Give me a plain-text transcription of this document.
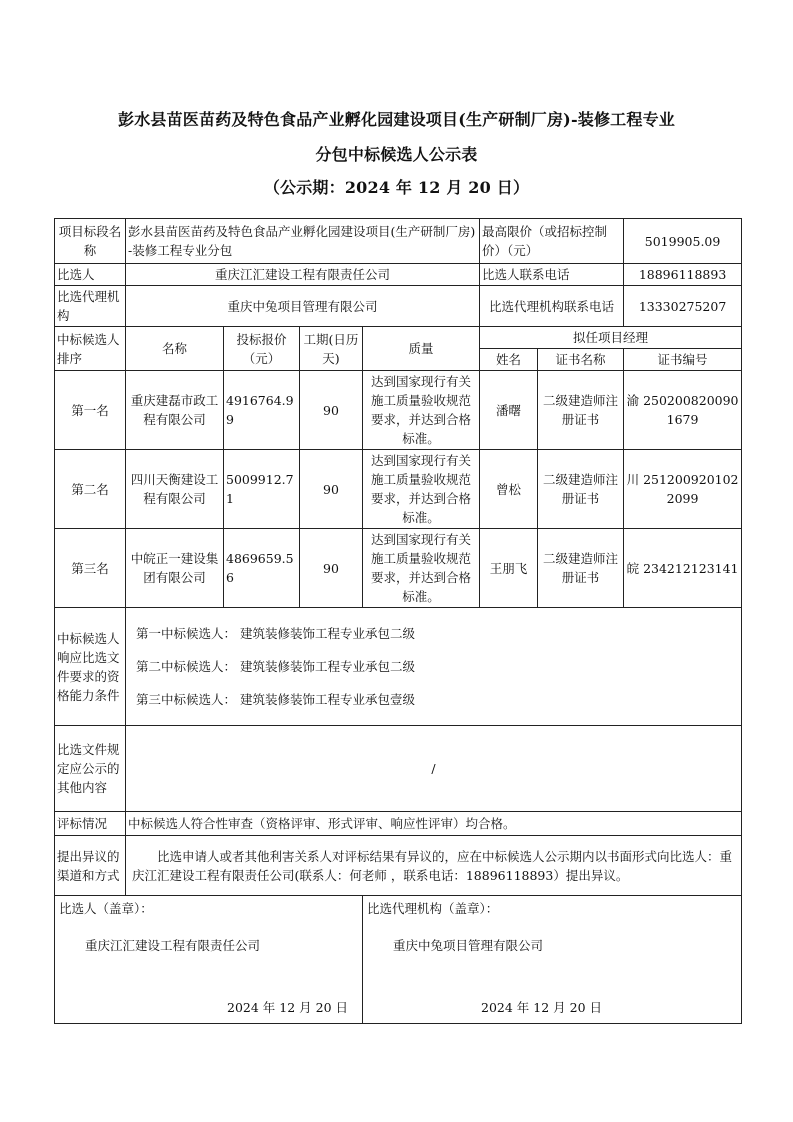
彭水县苗医苗药及特色食品产业孵化园建设项目(生产研制厂房)-装修工程专业
分包中标候选人公示表
（公示期：2024 年 12 月 20 日）
项目标段名称	彭水县苗医苗药及特色食品产业孵化园建设项目(生产研制厂房)-装修工程专业分包				最高限价（或招标控制价）（元）		5019905.09
比选人	重庆江汇建设工程有限责任公司				比选人联系电话		18896118893
比选代理机构	重庆中兔项目管理有限公司				比选代理机构联系电话		13330275207
中标候选人排序	名称	投标报价（元）	工期(日历天)	质量	拟任项目经理		
					姓名	证书名称	证书编号
第一名	重庆建磊市政工程有限公司	4916764.99	90	达到国家现行有关施工质量验收规范要求，并达到合格标准。	潘曙	二级建造师注册证书	渝 2502008200901679
第二名	四川天衡建设工程有限公司	5009912.71	90	达到国家现行有关施工质量验收规范要求，并达到合格标准。	曾松	二级建造师注册证书	川 2512009201022099
第三名	中皖正一建设集团有限公司	4869659.56	90	达到国家现行有关施工质量验收规范要求，并达到合格标准。	王朋飞	二级建造师注册证书	皖 234212123141
中标候选人响应比选文件要求的资格能力条件	第一中标候选人： 建筑装修装饰工程专业承包二级
第二中标候选人： 建筑装修装饰工程专业承包二级
第三中标候选人： 建筑装修装饰工程专业承包壹级						

比选文件规定应公示的其他内容	/						
评标情况	中标候选人符合性审查（资格评审、形式评审、响应性评审）均合格。						
提出异议的渠道和方式	比选申请人或者其他利害关系人对评标结果有异议的，应在中标候选人公示期内以书面形式向比选人：重庆江汇建设工程有限责任公司(联系人：何老师 ，联系电话：18896118893）提出异议。						

比选人（盖章）：
重庆江汇建设工程有限责任公司
2024 年 12 月 20 日				比选代理机构（盖章）：
重庆中兔项目管理有限公司
2024 年 12 月 20 日			
